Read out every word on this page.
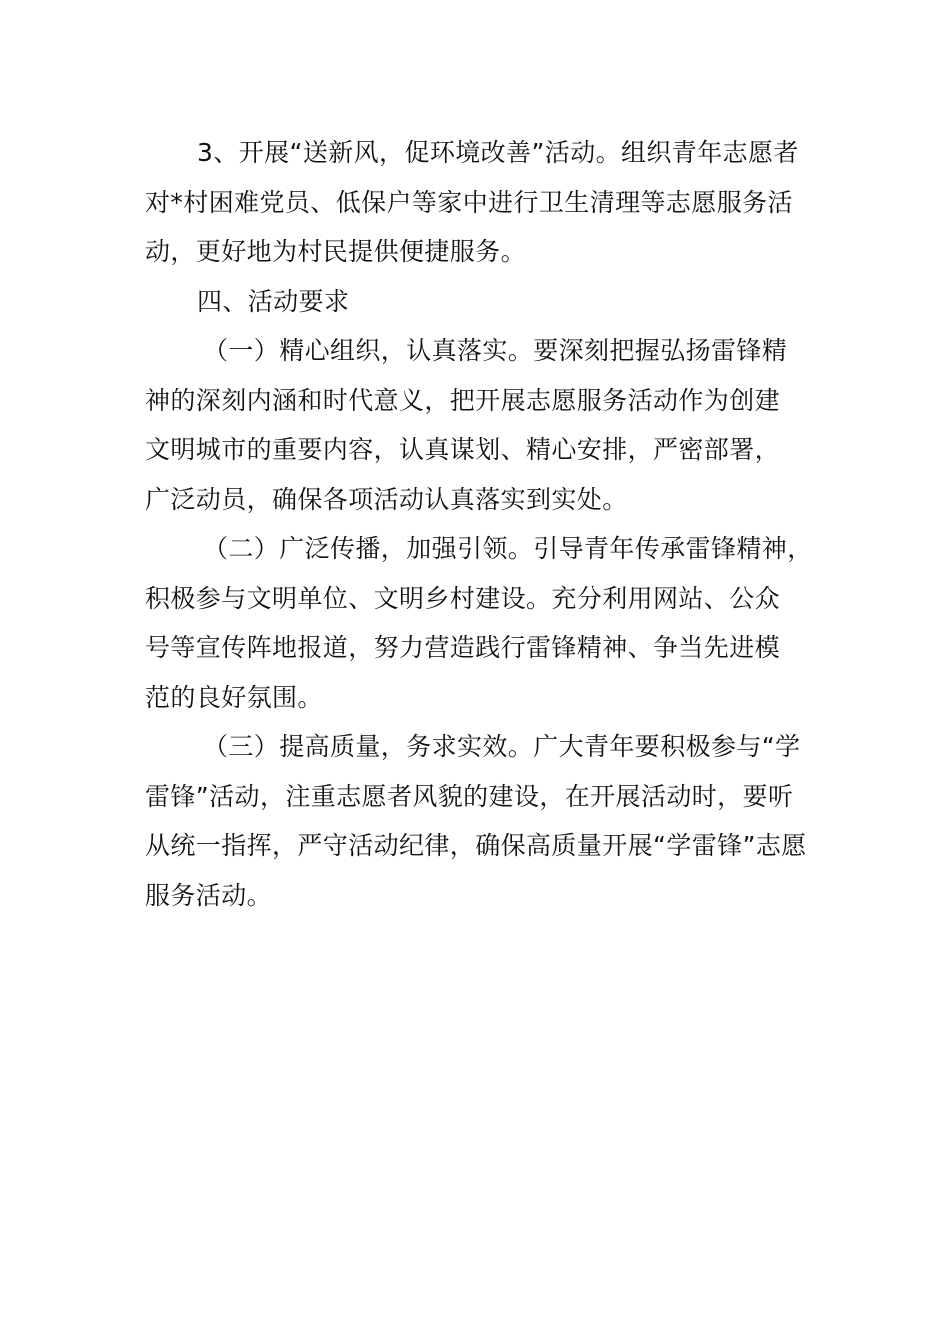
3、开展“送新风，促环境改善”活动。组织青年志愿者
对*村困难党员、低保户等家中进行卫生清理等志愿服务活
动，更好地为村民提供便捷服务。
四、活动要求
（一）精心组织，认真落实。要深刻把握弘扬雷锋精
神的深刻内涵和时代意义，把开展志愿服务活动作为创建
文明城市的重要内容，认真谋划、精心安排，严密部署，
广泛动员，确保各项活动认真落实到实处。
（二）广泛传播，加强引领。引导青年传承雷锋精神，
积极参与文明单位、文明乡村建设。充分利用网站、公众
号等宣传阵地报道，努力营造践行雷锋精神、争当先进模
范的良好氛围。
（三）提高质量，务求实效。广大青年要积极参与“学
雷锋”活动，注重志愿者风貌的建设，在开展活动时，要听
从统一指挥，严守活动纪律，确保高质量开展“学雷锋”志愿
服务活动。
